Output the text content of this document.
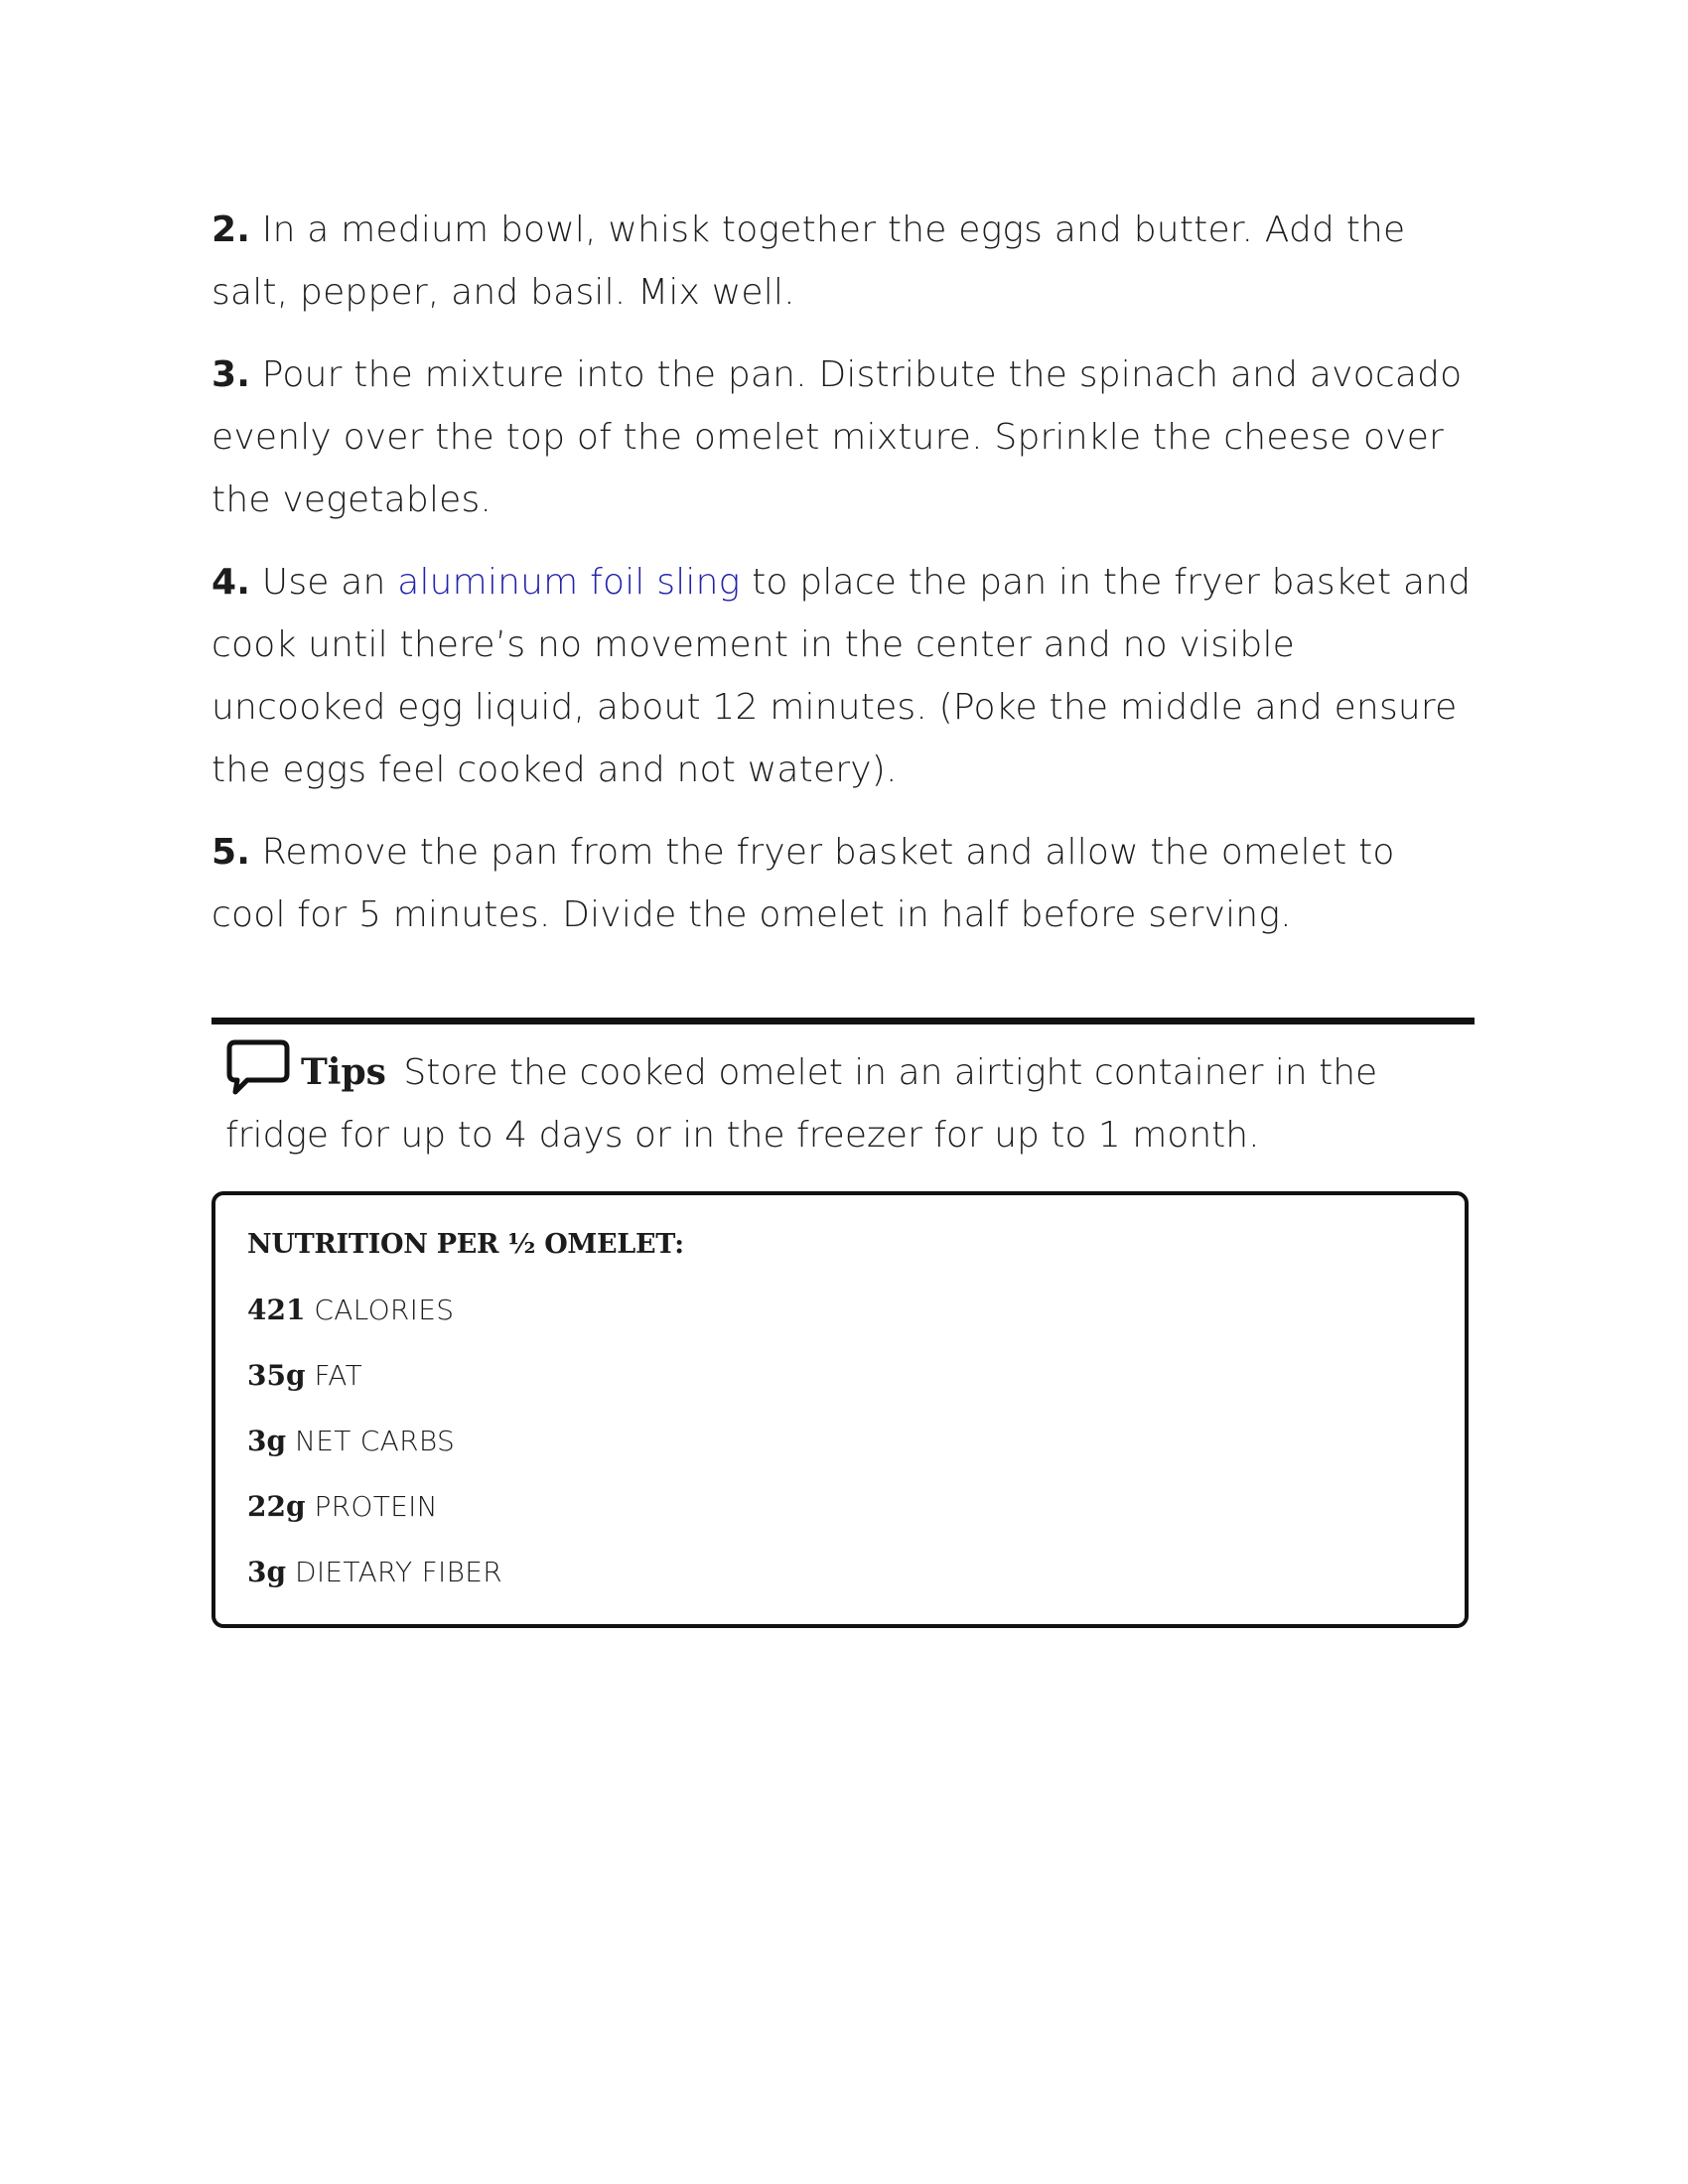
2. In a medium bowl, whisk together the eggs and butter. Add the salt, pepper, and basil. Mix well.

3. Pour the mixture into the pan. Distribute the spinach and avocado evenly over the top of the omelet mixture. Sprinkle the cheese over the vegetables.

4. Use an aluminum foil sling to place the pan in the fryer basket and cook until there’s no movement in the center and no visible uncooked egg liquid, about 12 minutes. (Poke the middle and ensure the eggs feel cooked and not watery).

5. Remove the pan from the fryer basket and allow the omelet to cool for 5 minutes. Divide the omelet in half before serving.

Tips Store the cooked omelet in an airtight container in the fridge for up to 4 days or in the freezer for up to 1 month.
NUTRITION PER ½ OMELET:
421 CALORIES
35g FAT
3g NET CARBS
22g PROTEIN
3g DIETARY FIBER
